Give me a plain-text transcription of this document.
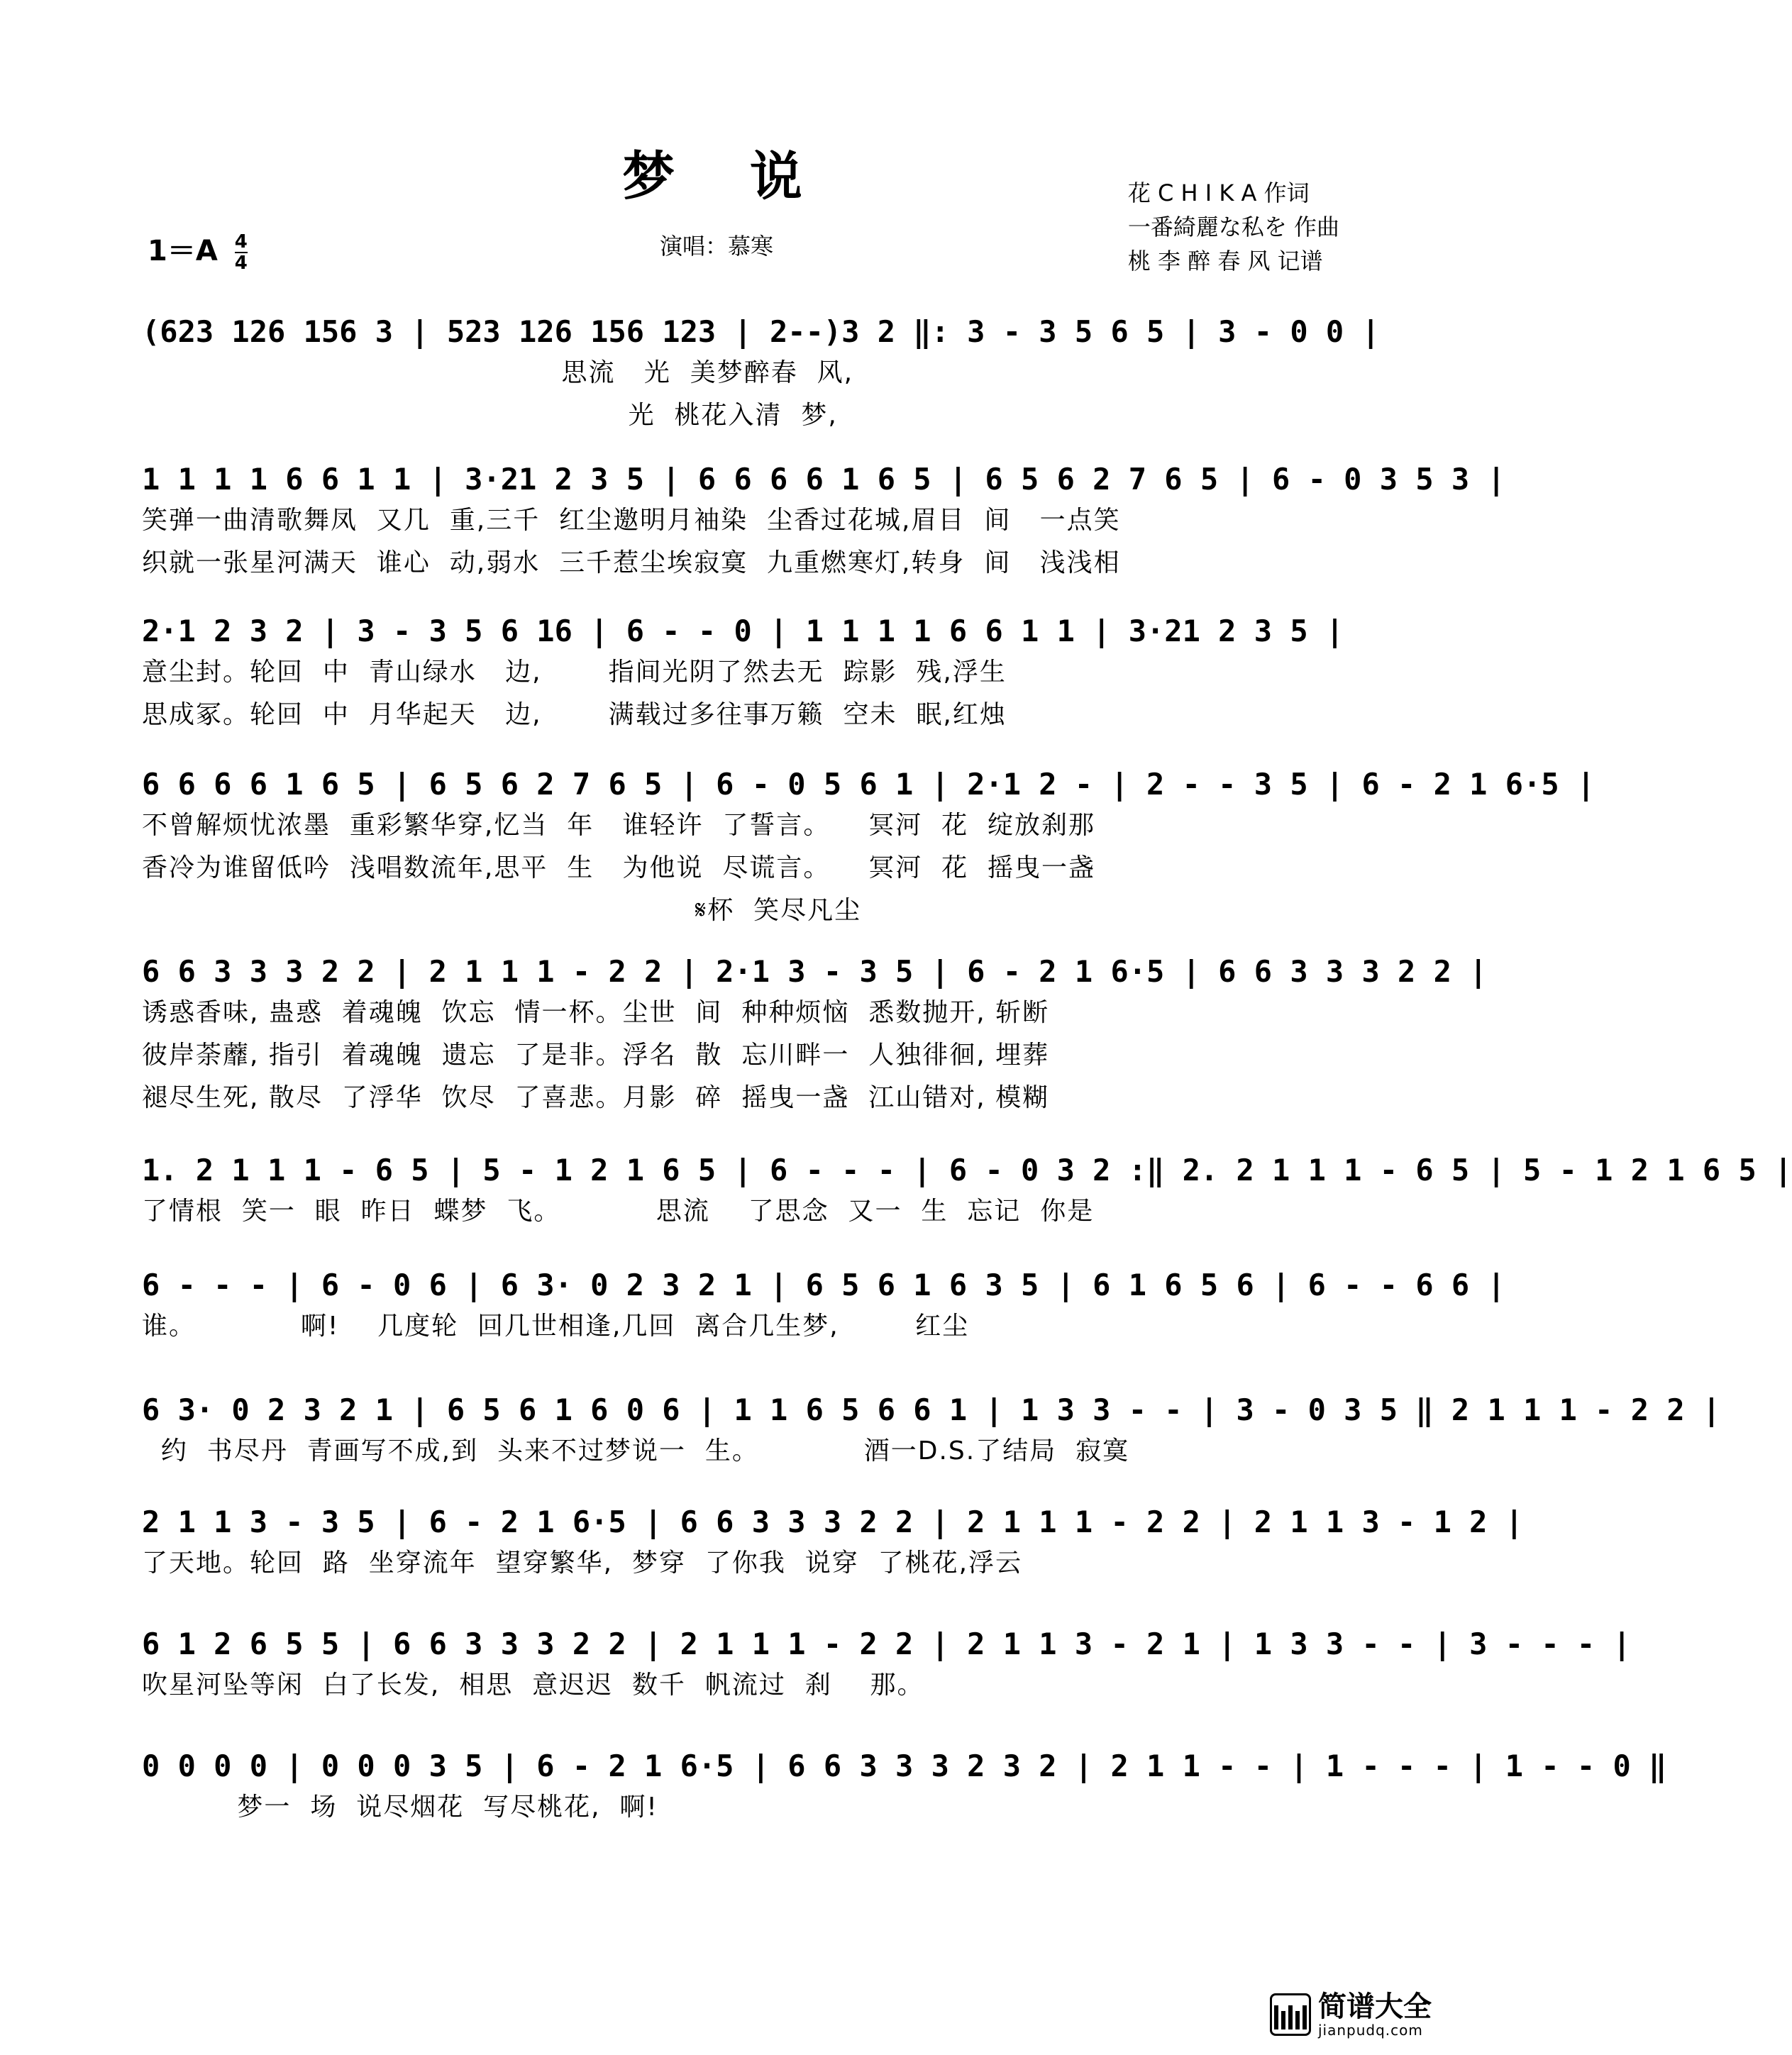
梦 说	花 C H I K A 作词
一番綺麗な私を 作曲
桃 李 醉 春 风 记谱
$1=A \frac{4}{4}$	演唱：慕寒
(623 126 156 3 | 523 126 156 123 | 2--)3 2 ‖: 3 - 3 5 6 5 | 3 - 0 0 |
思流   光  美梦醉春  风,
光  桃花入清  梦,
1 1 1 1 6 6 1 1 | 3·21 2 3 5 | 6 6 6 6 1 6 5 | 6 5 6 2 7 6 5 | 6 - 0 3 5 3 |
笑弹一曲清歌舞凤  又几  重,三千  红尘邀明月袖染  尘香过花城,眉目  间   一点笑
织就一张星河满天  谁心  动,弱水  三千惹尘埃寂寞  九重燃寒灯,转身  间   浅浅相
2·1 2 3 2 | 3 - 3 5 6 16 | 6 - - 0 | 1 1 1 1 6 6 1 1 | 3·21 2 3 5 |
意尘封。轮回  中  青山绿水   边,       指间光阴了然去无  踪影  残,浮生
思成冢。轮回  中  月华起天   边,       满载过多往事万籁  空未  眠,红烛
6 6 6 6 1 6 5 | 6 5 6 2 7 6 5 | 6 - 0 5 6 1 | 2·1 2 - | 2 - - 3 5 | 6 - 2 1 6·5 |
不曾解烦忧浓墨  重彩繁华穿,忆当  年   谁轻许  了誓言。    冥河  花  绽放刹那
香冷为谁留低吟  浅唱数流年,思平  生   为他说  尽谎言。    冥河  花  摇曳一盏
𝄋杯  笑尽凡尘
6 6 3 3 3 2 2 | 2 1 1 1 - 2 2 | 2·1 3 - 3 5 | 6 - 2 1 6·5 | 6 6 3 3 3 2 2 |
诱惑香味, 蛊惑  着魂魄  饮忘  情一杯。尘世  间  种种烦恼  悉数抛开, 斩断
彼岸荼蘼, 指引  着魂魄  遗忘  了是非。浮名  散  忘川畔一  人独徘徊, 埋葬
褪尽生死, 散尽  了浮华  饮尽  了喜悲。月影  碎  摇曳一盏  江山错对, 模糊
1. 2 1 1 1 - 6 5 | 5 - 1 2 1 6 5 | 6 - - - | 6 - 0 3 2 :‖ 2. 2 1 1 1 - 6 5 | 5 - 1 2 1 6 5 |
了情根  笑一  眼  昨日  蝶梦  飞。          思流    了思念  又一  生  忘记  你是
6 - - - | 6 - 0 6 | 6 3· 0 2 3 2 1 | 6 5 6 1 6 3 5 | 6 1 6 5 6 | 6 - - 6 6 |
谁。           啊!    几度轮  回几世相逢,几回  离合几生梦,        红尘
6 3· 0 2 3 2 1 | 6 5 6 1 6 0 6 | 1 1 6 5 6 6 1 | 1 3 3 - - | 3 - 0 3 5 ‖ 2 1 1 1 - 2 2 |
约  书尽丹  青画写不成,到  头来不过梦说一  生。           酒一D.S.了结局  寂寞
2 1 1 3 - 3 5 | 6 - 2 1 6·5 | 6 6 3 3 3 2 2 | 2 1 1 1 - 2 2 | 2 1 1 3 - 1 2 |
了天地。轮回  路  坐穿流年  望穿繁华,  梦穿  了你我  说穿  了桃花,浮云
6 1 2 6 5 5 | 6 6 3 3 3 2 2 | 2 1 1 1 - 2 2 | 2 1 1 3 - 2 1 | 1 3 3 - - | 3 - - - |
吹星河坠等闲  白了长发,  相思  意迟迟  数千  帆流过  刹    那。
0 0 0 0 | 0 0 0 3 5 | 6 - 2 1 6·5 | 6 6 3 3 3 2 3 2 | 2 1 1 - - | 1 - - - | 1 - - 0 ‖
梦一  场  说尽烟花  写尽桃花,  啊!
简谱大全
jianpudq.com
